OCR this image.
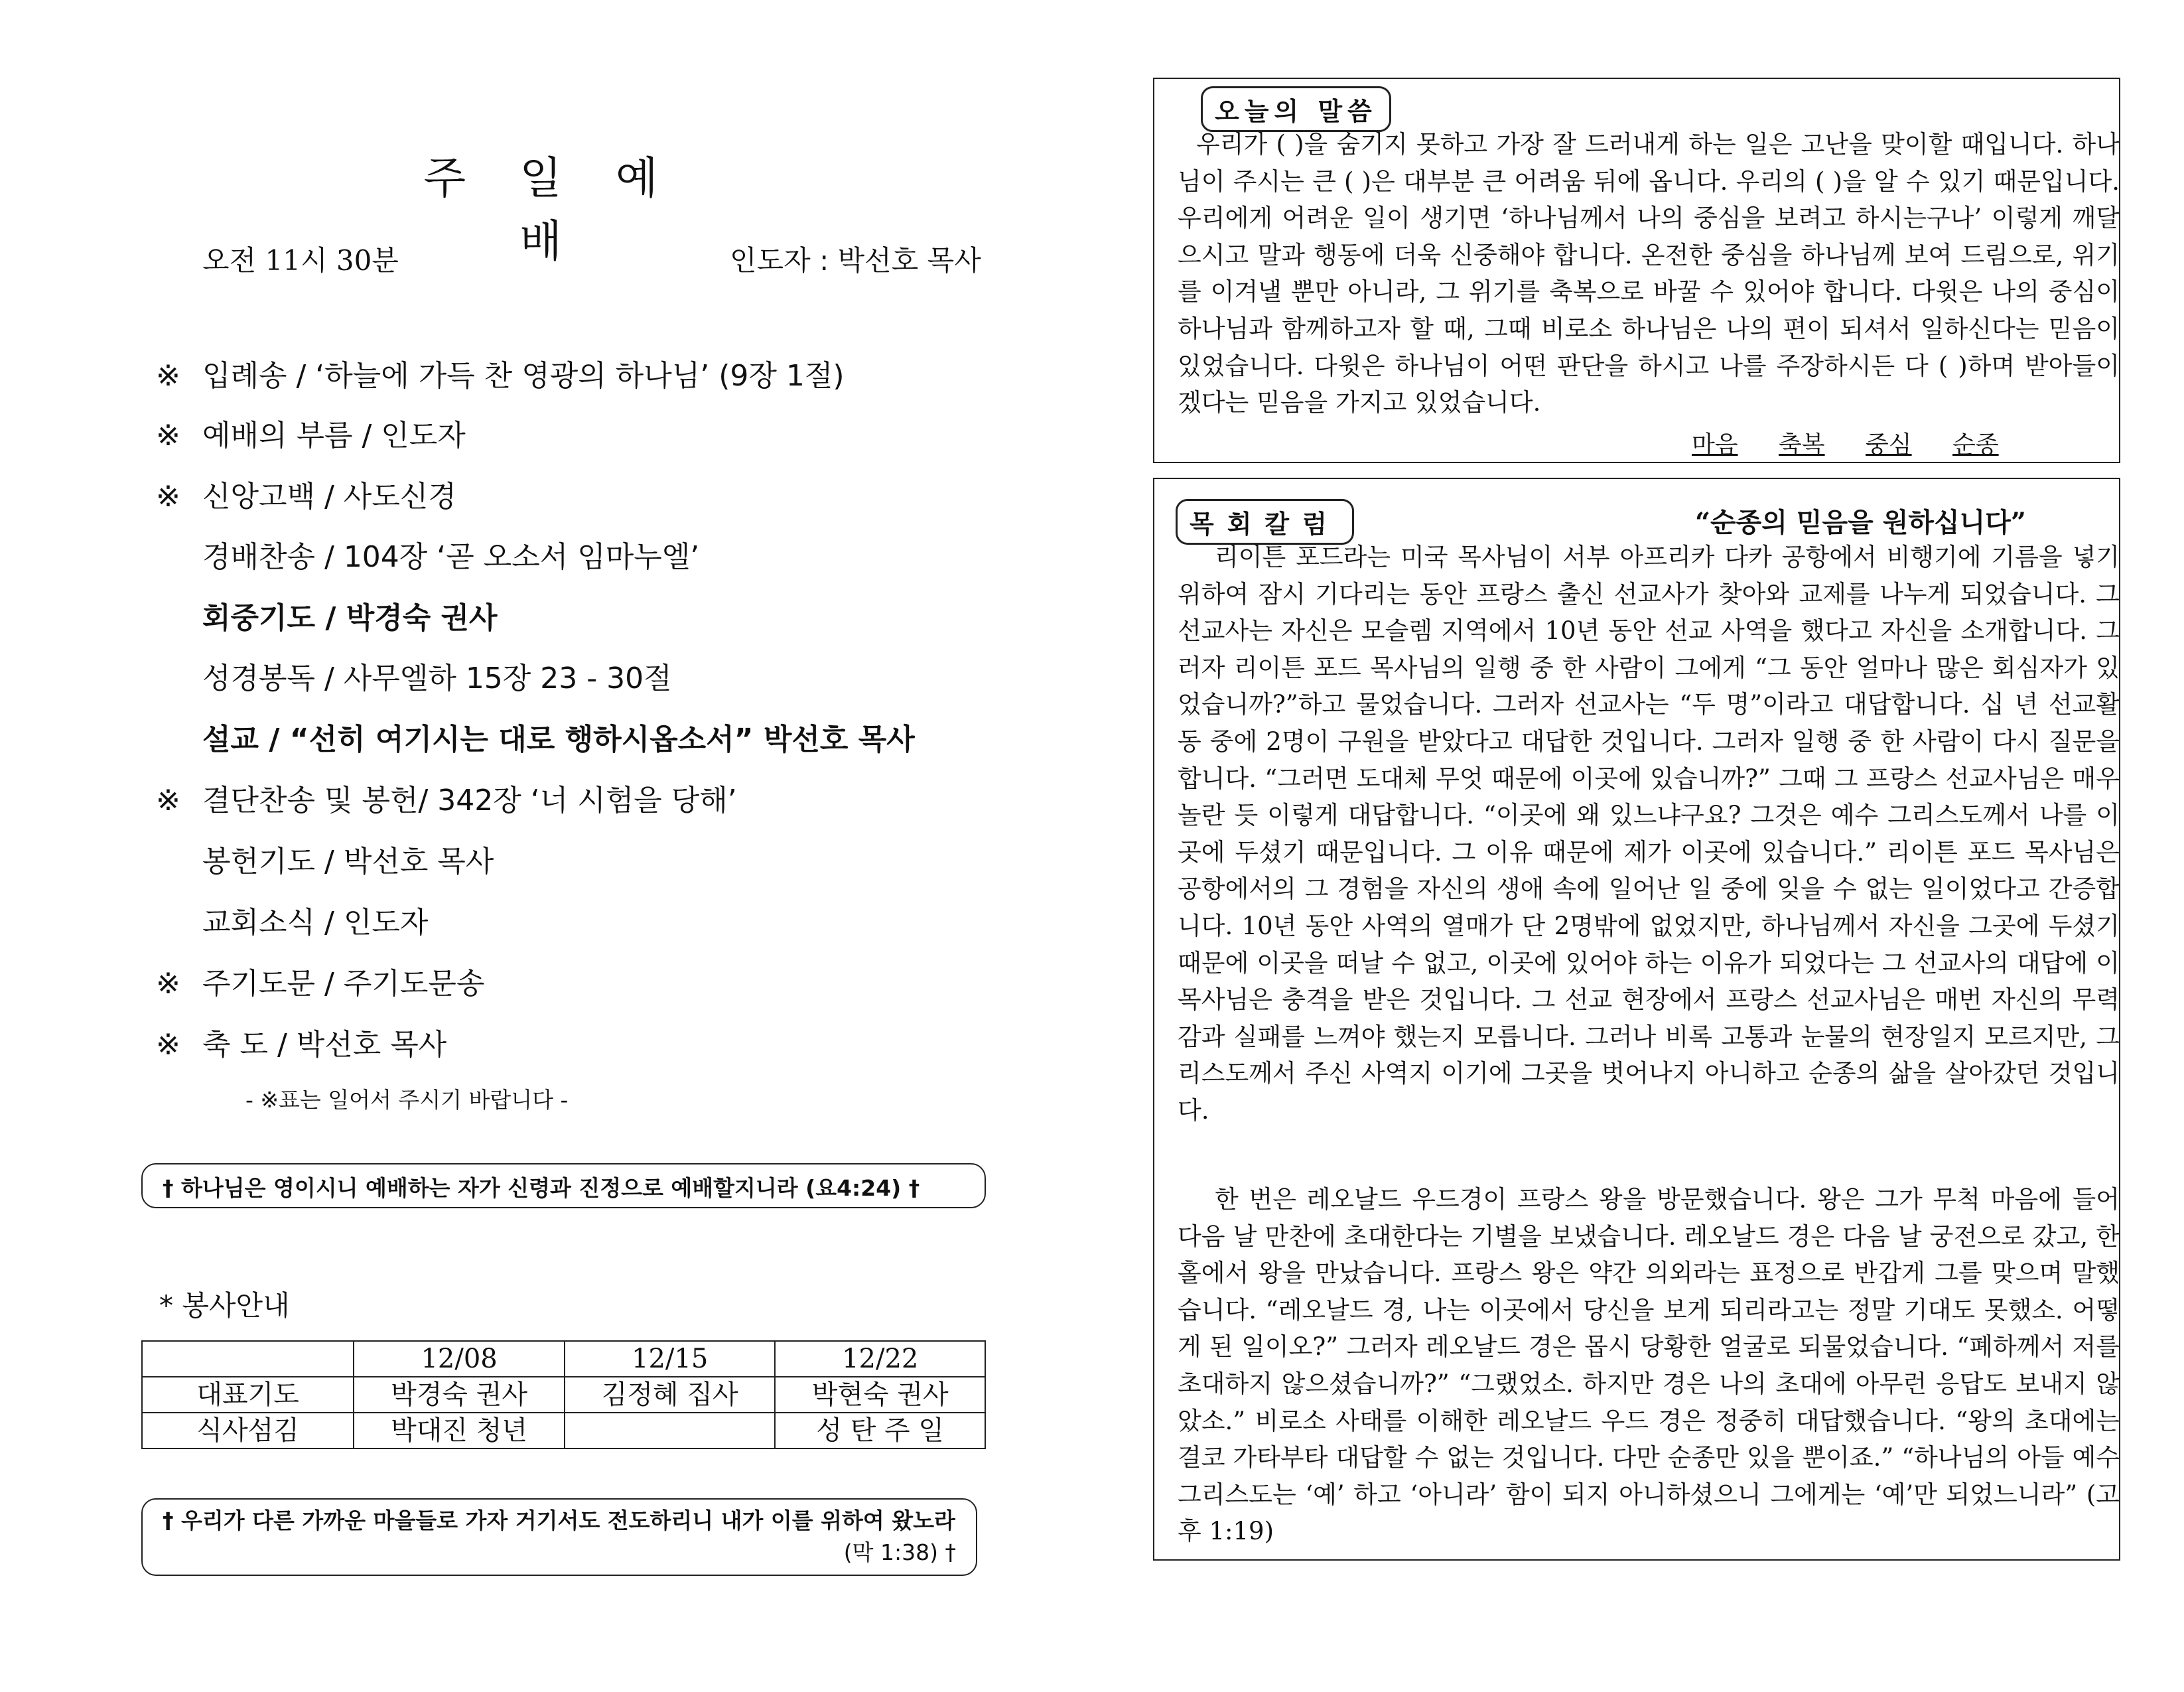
주 일 예 배
오전 11시 30분	인도자 : 박선호 목사
※ 입례송 / ‘하늘에 가득 찬 영광의 하나님’ (9장 1절)
※ 예배의 부름 / 인도자
※ 신앙고백 / 사도신경
경배찬송 / 104장 ‘곧 오소서 임마누엘’
회중기도 / 박경숙 권사
성경봉독 / 사무엘하 15장 23 - 30절
설교 / “선히 여기시는 대로 행하시옵소서” 박선호 목사
※ 결단찬송 및 봉헌/ 342장 ‘너 시험을 당해’
봉헌기도 / 박선호 목사
교회소식 / 인도자
※ 주기도문 / 주기도문송
※ 축 도 / 박선호 목사
- ※표는 일어서 주시기 바랍니다 -
† 하나님은 영이시니 예배하는 자가 신령과 진정으로 예배할지니라 (요4:24) †
* 봉사안내
	12/08	12/15	12/22
대표기도	박경숙 권사	김정혜 집사	박현숙 권사
식사섬김	박대진 청년		성 탄 주 일
† 우리가 다른 가까운 마을들로 가자 거기서도 전도하리니 내가 이를 위하여 왔노라

(막 1:38) †
오늘의 말씀
우리가 ( )을 숨기지 못하고 가장 잘 드러내게 하는 일은 고난을 맞이할 때입니다. 하나님이 주시는 큰 ( )은 대부분 큰 어려움 뒤에 옵니다. 우리의 ( )을 알 수 있기 때문입니다. 우리에게 어려운 일이 생기면 ‘하나님께서 나의 중심을 보려고 하시는구나’ 이렇게 깨달으시고 말과 행동에 더욱 신중해야 합니다. 온전한 중심을 하나님께 보여 드림으로, 위기를 이겨낼 뿐만 아니라, 그 위기를 축복으로 바꿀 수 있어야 합니다. 다윗은 나의 중심이 하나님과 함께하고자 할 때, 그때 비로소 하나님은 나의 편이 되셔서 일하신다는 믿음이 있었습니다. 다윗은 하나님이 어떤 판단을 하시고 나를 주장하시든 다 ( )하며 받아들이겠다는 믿음을 가지고 있었습니다.
마음 축복 중심 순종
목회칼럼	“순종의 믿음을 원하십니다”
리이튼 포드라는 미국 목사님이 서부 아프리카 다카 공항에서 비행기에 기름을 넣기 위하여 잠시 기다리는 동안 프랑스 출신 선교사가 찾아와 교제를 나누게 되었습니다. 그 선교사는 자신은 모슬렘 지역에서 10년 동안 선교 사역을 했다고 자신을 소개합니다. 그러자 리이튼 포드 목사님의 일행 중 한 사람이 그에게 “그 동안 얼마나 많은 회심자가 있었습니까?”하고 물었습니다. 그러자 선교사는 “두 명”이라고 대답합니다. 십 년 선교활동 중에 2명이 구원을 받았다고 대답한 것입니다. 그러자 일행 중 한 사람이 다시 질문을 합니다. “그러면 도대체 무엇 때문에 이곳에 있습니까?” 그때 그 프랑스 선교사님은 매우 놀란 듯 이렇게 대답합니다. “이곳에 왜 있느냐구요? 그것은 예수 그리스도께서 나를 이곳에 두셨기 때문입니다. 그 이유 때문에 제가 이곳에 있습니다.” 리이튼 포드 목사님은 공항에서의 그 경험을 자신의 생애 속에 일어난 일 중에 잊을 수 없는 일이었다고 간증합니다. 10년 동안 사역의 열매가 단 2명밖에 없었지만, 하나님께서 자신을 그곳에 두셨기 때문에 이곳을 떠날 수 없고, 이곳에 있어야 하는 이유가 되었다는 그 선교사의 대답에 이 목사님은 충격을 받은 것입니다. 그 선교 현장에서 프랑스 선교사님은 매번 자신의 무력감과 실패를 느껴야 했는지 모릅니다. 그러나 비록 고통과 눈물의 현장일지 모르지만, 그리스도께서 주신 사역지 이기에 그곳을 벗어나지 아니하고 순종의 삶을 살아갔던 것입니다.
한 번은 레오날드 우드경이 프랑스 왕을 방문했습니다. 왕은 그가 무척 마음에 들어 다음 날 만찬에 초대한다는 기별을 보냈습니다. 레오날드 경은 다음 날 궁전으로 갔고, 한 홀에서 왕을 만났습니다. 프랑스 왕은 약간 의외라는 표정으로 반갑게 그를 맞으며 말했습니다. “레오날드 경, 나는 이곳에서 당신을 보게 되리라고는 정말 기대도 못했소. 어떻게 된 일이오?” 그러자 레오날드 경은 몹시 당황한 얼굴로 되물었습니다. “폐하께서 저를 초대하지 않으셨습니까?” “그랬었소. 하지만 경은 나의 초대에 아무런 응답도 보내지 않았소.” 비로소 사태를 이해한 레오날드 우드 경은 정중히 대답했습니다. “왕의 초대에는 결코 가타부타 대답할 수 없는 것입니다. 다만 순종만 있을 뿐이죠.” “하나님의 아들 예수 그리스도는 ‘예’ 하고 ‘아니라’ 함이 되지 아니하셨으니 그에게는 ‘예’만 되었느니라” (고후 1:19)
